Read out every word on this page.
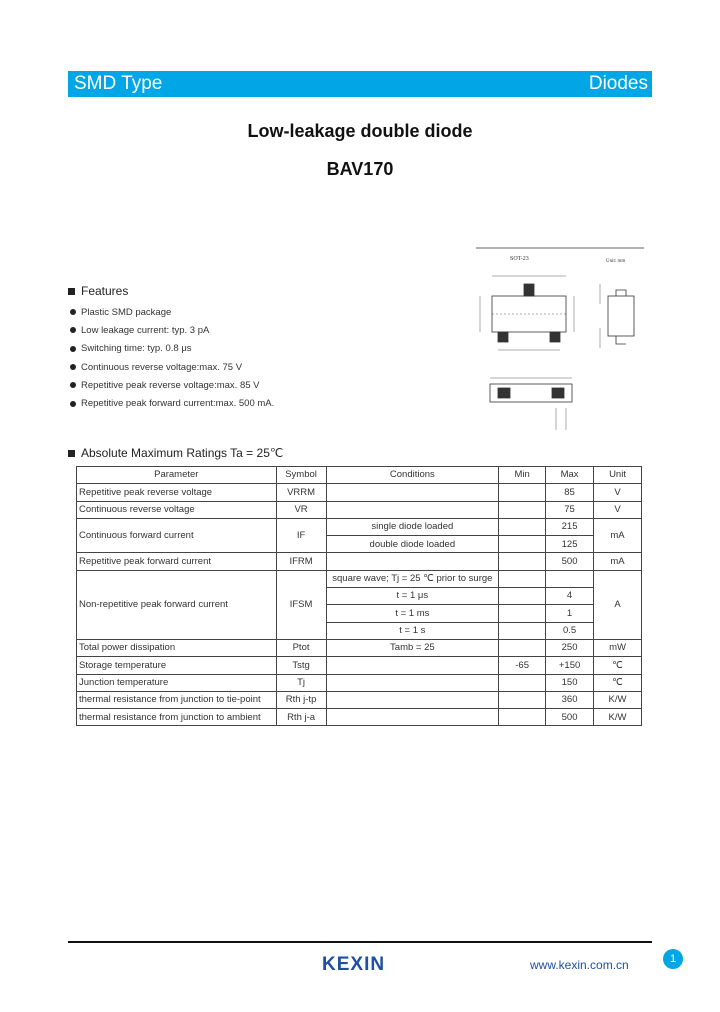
SMD Type	Diodes
Low-leakage double diode
BAV170
Features
Plastic SMD package
Low leakage current: typ. 3 pA
Switching time: typ. 0.8 μs
Continuous reverse voltage:max. 75 V
Repetitive peak reverse voltage:max. 85 V
Repetitive peak forward current:max. 500 mA.
SOT-23	Unit: mm
Absolute Maximum Ratings Ta = 25℃
Parameter	Symbol	Conditions	Min	Max	Unit
Repetitive peak reverse voltage	VRRM			85	V
Continuous reverse voltage	VR			75	V
Continuous forward current	IF	single diode loaded		215	mA
		double diode loaded		125	
Repetitive peak forward current	IFRM			500	mA
Non-repetitive peak forward current	IFSM	square wave; Tj = 25 ℃ prior to surge			A
		t = 1 μs		4	
		t = 1 ms		1	
		t = 1 s		0.5	
Total power dissipation	Ptot	Tamb = 25		250	mW
Storage temperature	Tstg		-65	+150	℃
Junction temperature	Tj			150	℃
thermal resistance from junction to tie-point	Rth j-tp			360	K/W
thermal resistance from junction to ambient	Rth j-a			500	K/W
KEXIN	www.kexin.com.cn	1
